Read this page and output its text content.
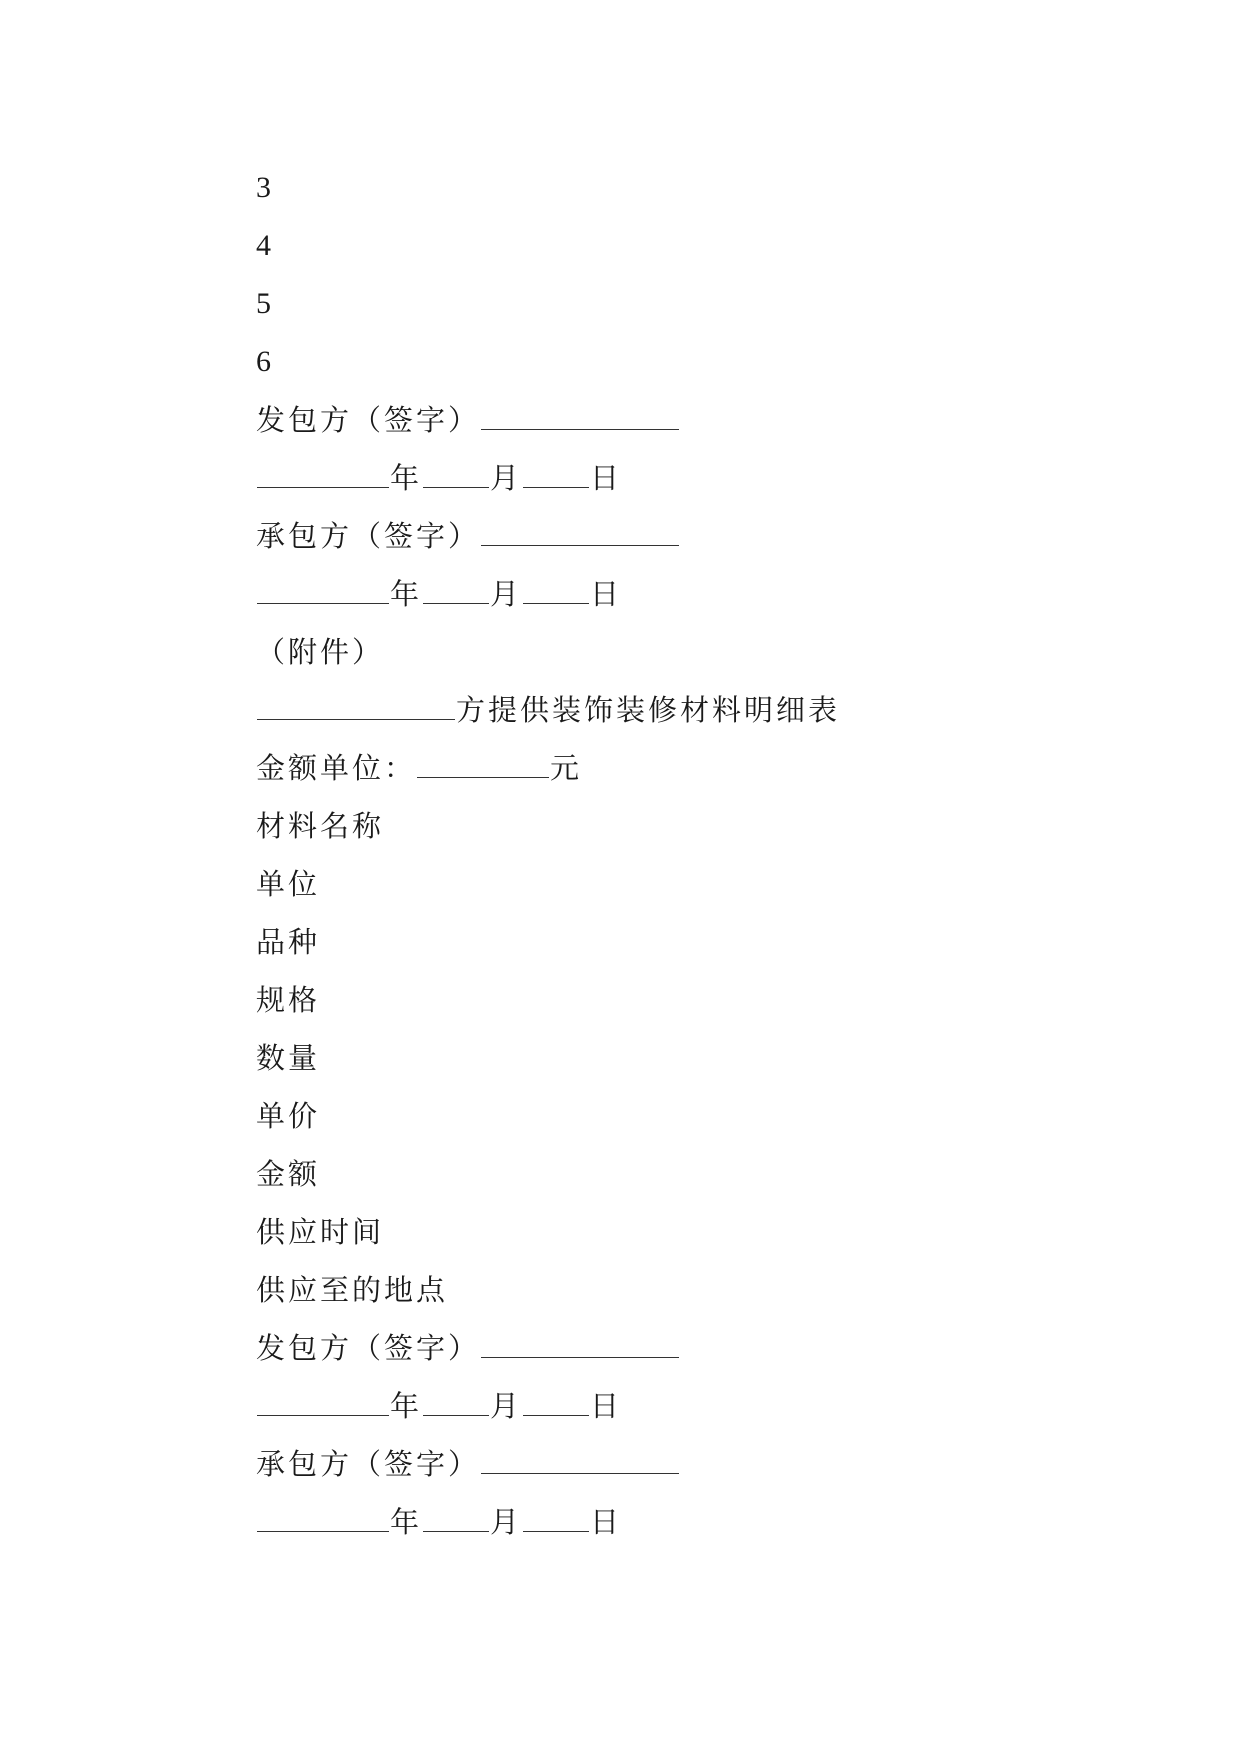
3
4
5
6
发包方（签字）
年 月 日
承包方（签字）
年 月 日
（附件）
方提供装饰装修材料明细表
金额单位：	元
材料名称
单位
品种
规格
数量
单价
金额
供应时间
供应至的地点
发包方（签字）
年 月 日
承包方（签字）
年 月 日
